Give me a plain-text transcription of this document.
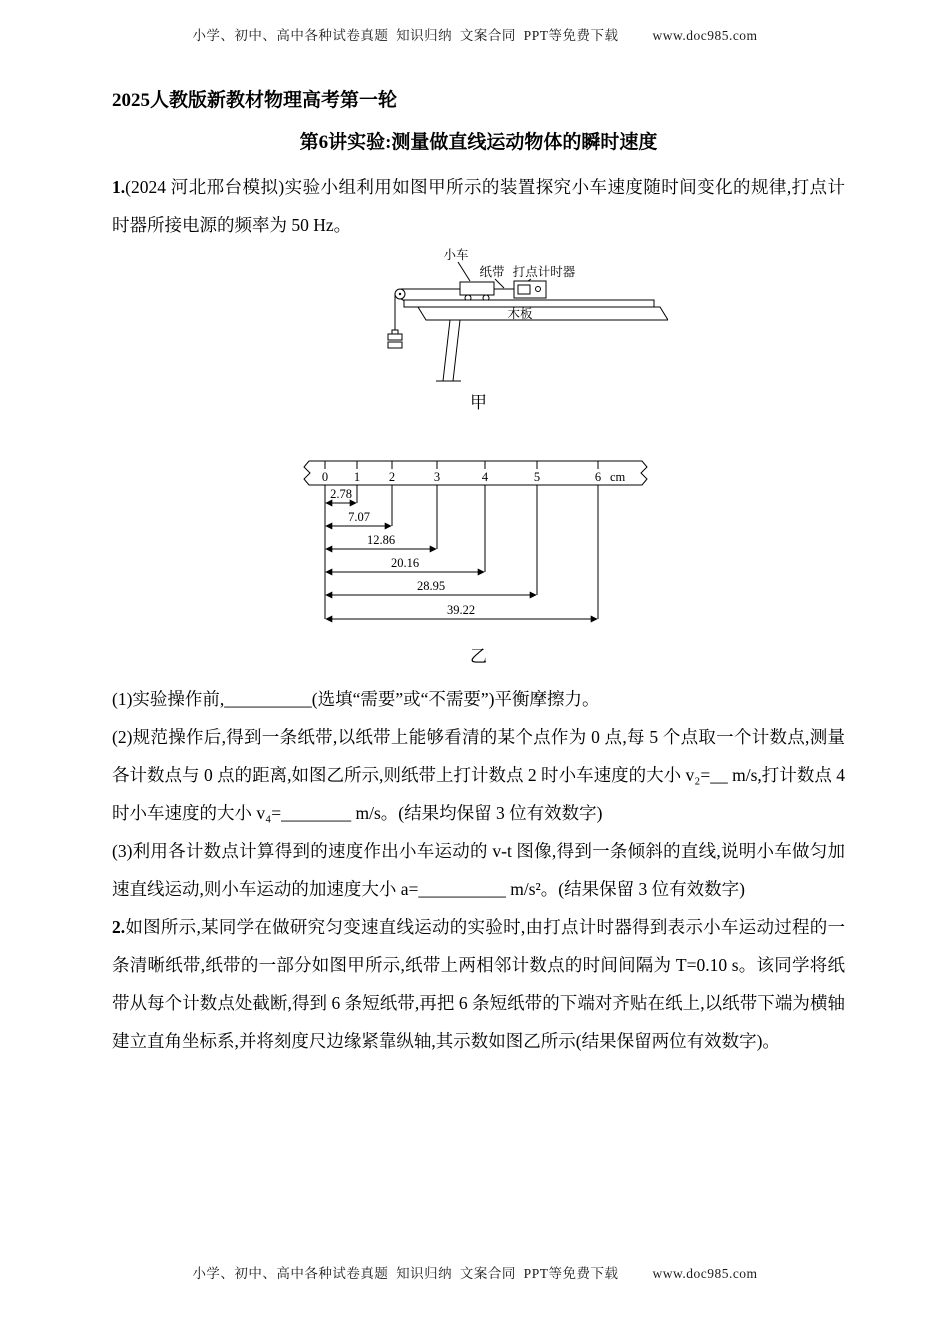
小学、初中、高中各种试卷真题  知识归纳  文案合同  PPT等免费下载	www.doc985.com
2025人教版新教材物理高考第一轮
第6讲实验:测量做直线运动物体的瞬时速度

1.(2024 河北邢台模拟)实验小组利用如图甲所示的装置探究小车速度随时间变化的规律,打点计时器所接电源的频率为 50 Hz。

小车
纸带 打点计时器
木板
甲
0 1 2	3	4	5	6 cm
2.78
7.07
12.86
20.16
28.95
39.22
乙

(1)实验操作前,__________(选填“需要”或“不需要”)平衡摩擦力。

(2)规范操作后,得到一条纸带,以纸带上能够看清的某个点作为 0 点,每 5 个点取一个计数点,测量各计数点与 0 点的距离,如图乙所示,则纸带上打计数点 2 时小车速度的大小 v₂=__ m/s,打计数点 4 时小车速度的大小 v₄=________ m/s。(结果均保留 3 位有效数字)

(3)利用各计数点计算得到的速度作出小车运动的 v-t 图像,得到一条倾斜的直线,说明小车做匀加速直线运动,则小车运动的加速度大小 a=__________ m/s²。(结果保留 3 位有效数字)

2.如图所示,某同学在做研究匀变速直线运动的实验时,由打点计时器得到表示小车运动过程的一条清晰纸带,纸带的一部分如图甲所示,纸带上两相邻计数点的时间间隔为 T=0.10 s。该同学将纸带从每个计数点处截断,得到 6 条短纸带,再把 6 条短纸带的下端对齐贴在纸上,以纸带下端为横轴建立直角坐标系,并将刻度尺边缘紧靠纵轴,其示数如图乙所示(结果保留两位有效数字)。

小学、初中、高中各种试卷真题  知识归纳  文案合同  PPT等免费下载	www.doc985.com
